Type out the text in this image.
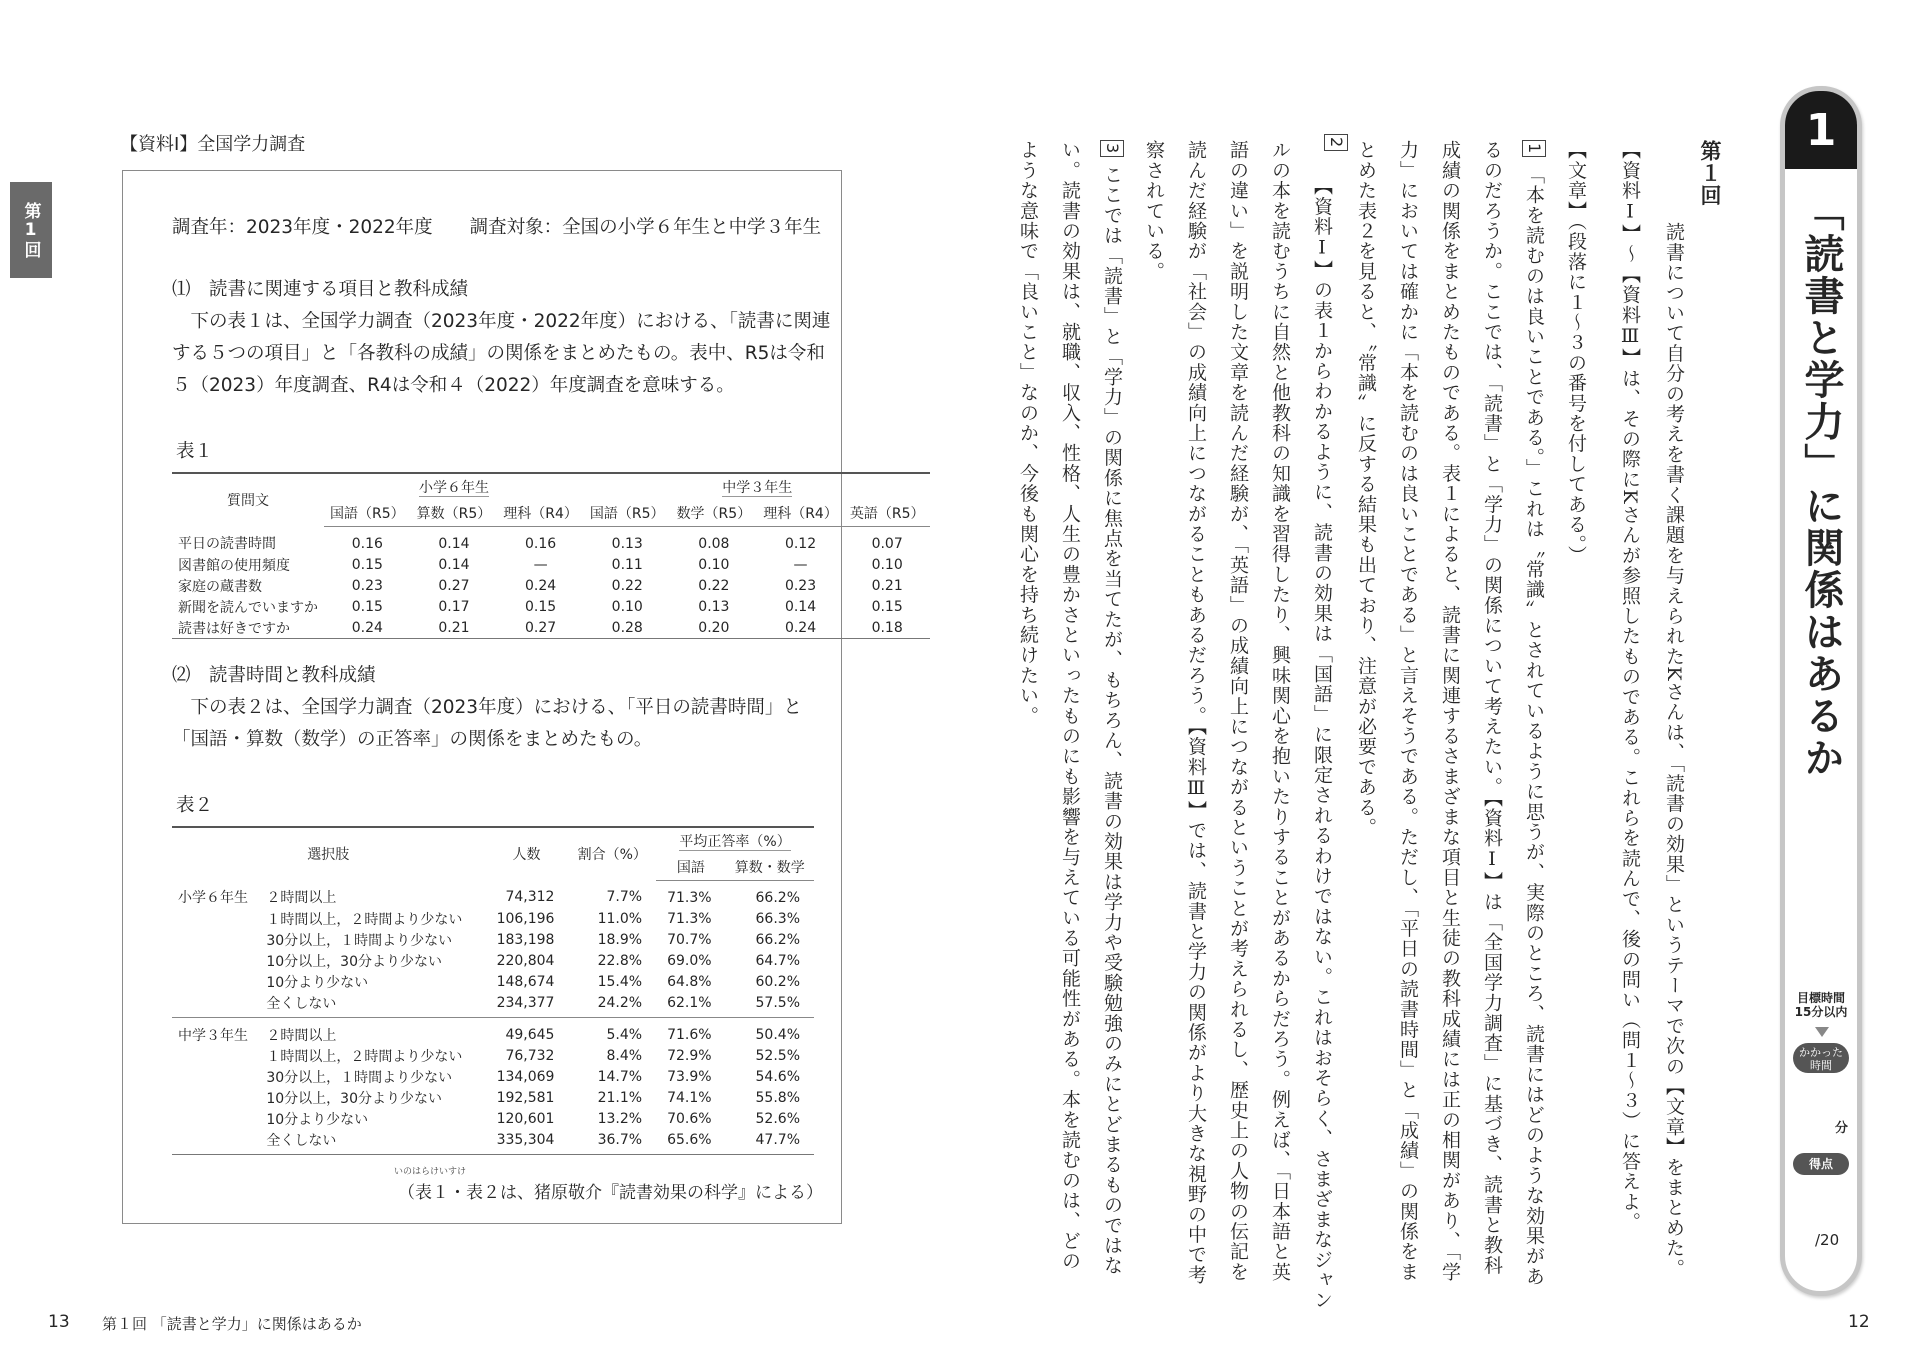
第1回
【資料Ⅰ】全国学力調査
調査年：2023年度・2022年度　　調査対象：全国の小学６年生と中学３年生
⑴　読書に関連する項目と教科成績
　下の表１は、全国学力調査（2023年度・2022年度）における、「読書に関連
する５つの項目」と「各教科の成績」の関係をまとめたもの。表中、R5は令和
５（2023）年度調査、R4は令和４（2022）年度調査を意味する。
表１
質問文	小学６年生			中学３年生			
	国語（R5）	算数（R5）	理科（R4）	国語（R5）	数学（R5）	理科（R4）	英語（R5）
平日の読書時間	0.16	0.14	0.16	0.13	0.08	0.12	0.07
図書館の使用頻度	0.15	0.14	—	0.11	0.10	—	0.10
家庭の蔵書数	0.23	0.27	0.24	0.22	0.22	0.23	0.21
新聞を読んでいますか	0.15	0.17	0.15	0.10	0.13	0.14	0.15
読書は好きですか	0.24	0.21	0.27	0.28	0.20	0.24	0.18
⑵　読書時間と教科成績
　下の表２は、全国学力調査（2023年度）における、「平日の読書時間」と
「国語・算数（数学）の正答率」の関係をまとめたもの。
表２
選択肢		人数	割合（%）	平均正答率（%）	
				国語	算数・数学
小学６年生	２時間以上	74,312	7.7%	71.3%	66.2%
	１時間以上，２時間より少ない	106,196	11.0%	71.3%	66.3%
	30分以上，１時間より少ない	183,198	18.9%	70.7%	66.2%
	10分以上，30分より少ない	220,804	22.8%	69.0%	64.7%
	10分より少ない	148,674	15.4%	64.8%	60.2%
	全くしない	234,377	24.2%	62.1%	57.5%
中学３年生	２時間以上	49,645	5.4%	71.6%	50.4%
	１時間以上，２時間より少ない	76,732	8.4%	72.9%	52.5%
	30分以上，１時間より少ない	134,069	14.7%	73.9%	54.6%
	10分以上，30分より少ない	192,581	21.1%	74.1%	55.8%
	10分より少ない	120,601	13.2%	70.6%	52.6%
	全くしない	335,304	36.7%	65.6%	47.7%
いのはらけいすけ
（表１・表２は、猪原敬介『読書効果の科学』による）
13 第１回 「読書と学力」に関係はあるか
第１回
読書について自分の考えを書く課題を与えられたKさんは、「読書の効果」というテーマで次の【文章】をまとめた。
【資料Ⅰ】〜【資料Ⅲ】は、その際にKさんが参照したものである。これらを読んで、後の問い（問１〜３）に答えよ。
【文章】（段落に１〜３の番号を付してある。）
1 「本を読むのは良いことである。」これは〝常識〟とされているように思うが、実際のところ、読書にはどのような効果があ
るのだろうか。ここでは、「読書」と「学力」の関係について考えたい。【資料Ⅰ】は「全国学力調査」に基づき、読書と教科
成績の関係をまとめたものである。表１によると、読書に関連するさまざまな項目と生徒の教科成績には正の相関があり、「学
力」においては確かに「本を読むのは良いことである」と言えそうである。ただし、「平日の読書時間」と「成績」の関係をま
とめた表２を見ると、〝常識〟に反する結果も出ており、注意が必要である。
2
【資料Ⅰ】の表１からわかるように、読書の効果は「国語」に限定されるわけではない。これはおそらく、さまざまなジャン
ルの本を読むうちに自然と他教科の知識を習得したり、興味関心を抱いたりすることがあるからだろう。例えば、「日本語と英
語の違い」を説明した文章を読んだ経験が、「英語」の成績向上につながるということが考えられるし、歴史上の人物の伝記を
読んだ経験が「社会」の成績向上につながることもあるだろう。【資料Ⅲ】では、読書と学力の関係がより大きな視野の中で考
察されている。
3 ここでは「読書」と「学力」の関係に焦点を当てたが、もちろん、読書の効果は学力や受験勉強のみにとどまるものではな
い。読書の効果は、就職、収入、性格、人生の豊かさといったものにも影響を与えている可能性がある。本を読むのは、どの
ような意味で「良いこと」なのか、今後も関心を持ち続けたい。
12
1
「読書と学力」に関係はあるか
目標時間
15分以内
かかった
時間
分
得点
/20
